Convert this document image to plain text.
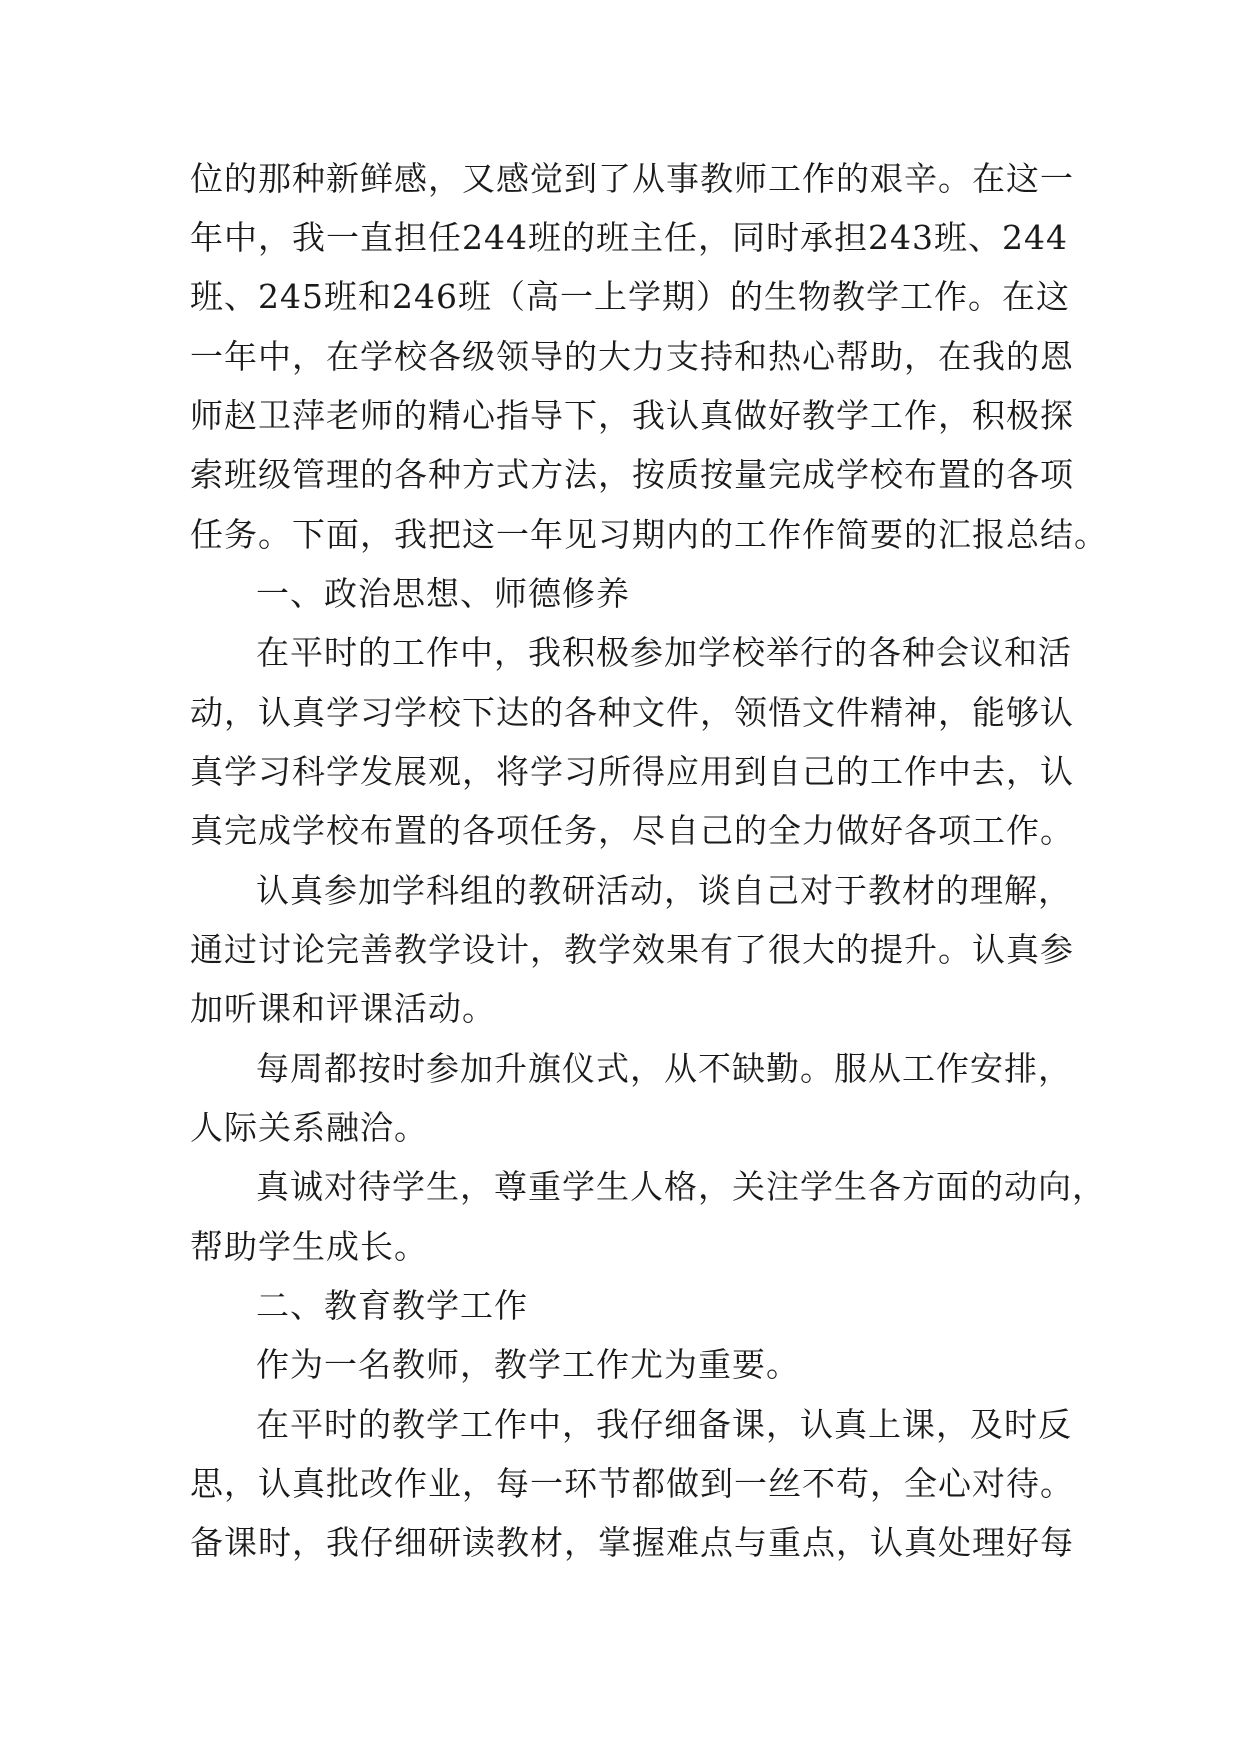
位的那种新鲜感，又感觉到了从事教师工作的艰辛。在这一
年中，我一直担任244班的班主任，同时承担243班、244
班、245班和246班（高一上学期）的生物教学工作。在这
一年中，在学校各级领导的大力支持和热心帮助，在我的恩
师赵卫萍老师的精心指导下，我认真做好教学工作，积极探
索班级管理的各种方式方法，按质按量完成学校布置的各项
任务。下面，我把这一年见习期内的工作作简要的汇报总结。
一、政治思想、师德修养
在平时的工作中，我积极参加学校举行的各种会议和活
动，认真学习学校下达的各种文件，领悟文件精神，能够认
真学习科学发展观，将学习所得应用到自己的工作中去，认
真完成学校布置的各项任务，尽自己的全力做好各项工作。
认真参加学科组的教研活动，谈自己对于教材的理解，
通过讨论完善教学设计，教学效果有了很大的提升。认真参
加听课和评课活动。
每周都按时参加升旗仪式，从不缺勤。服从工作安排，
人际关系融洽。
真诚对待学生，尊重学生人格，关注学生各方面的动向，
帮助学生成长。
二、教育教学工作
作为一名教师，教学工作尤为重要。
在平时的教学工作中，我仔细备课，认真上课，及时反
思，认真批改作业，每一环节都做到一丝不苟，全心对待。
备课时，我仔细研读教材，掌握难点与重点，认真处理好每
